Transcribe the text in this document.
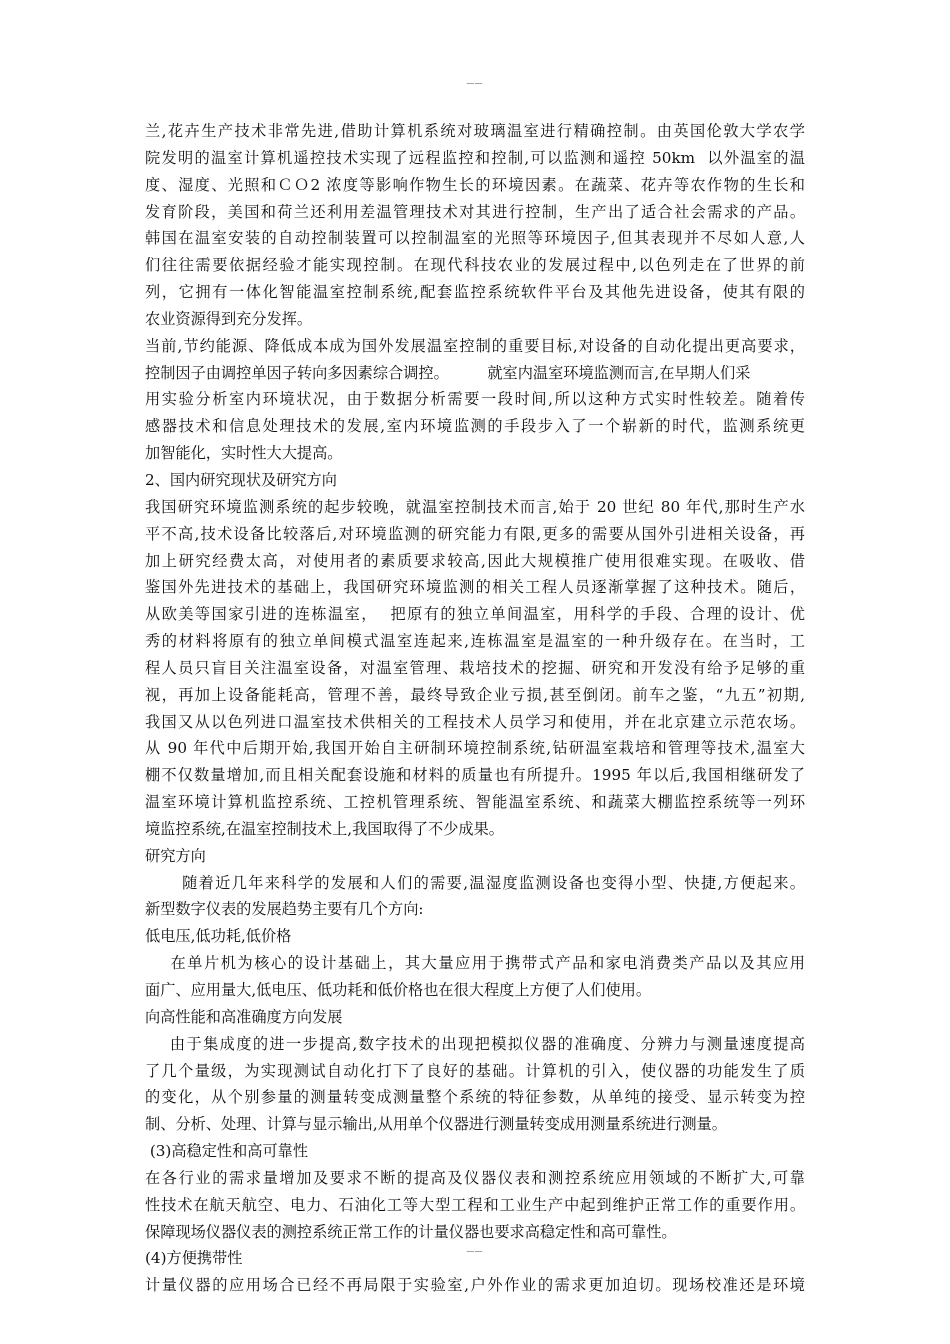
__
兰,花卉生产技术非常先进,借助计算机系统对玻璃温室进行精确控制。由英国伦敦大学农学
院发明的温室计算机遥控技术实现了远程监控和控制,可以监测和遥控 50km  以外温室的温
度、湿度、光照和ＣＯ2 浓度等影响作物生长的环境因素。在蔬菜、花卉等农作物的生长和
发育阶段，美国和荷兰还利用差温管理技术对其进行控制，生产出了适合社会需求的产品。
韩国在温室安装的自动控制装置可以控制温室的光照等环境因子,但其表现并不尽如人意,人
们往往需要依据经验才能实现控制。在现代科技农业的发展过程中,以色列走在了世界的前
列，它拥有一体化智能温室控制系统,配套监控系统软件平台及其他先进设备，使其有限的
农业资源得到充分发挥。
当前,节约能源、降低成本成为国外发展温室控制的重要目标,对设备的自动化提出更高要求，
控制因子由调控单因子转向多因素综合调控。        就室内温室环境监测而言,在早期人们采
用实验分析室内环境状况，由于数据分析需要一段时间,所以这种方式实时性较差。随着传
感器技术和信息处理技术的发展,室内环境监测的手段步入了一个崭新的时代，监测系统更
加智能化，实时性大大提高。
2、国内研究现状及研究方向
我国研究环境监测系统的起步较晚，就温室控制技术而言,始于 20 世纪 80 年代,那时生产水
平不高,技术设备比较落后,对环境监测的研究能力有限,更多的需要从国外引进相关设备，再
加上研究经费太高，对使用者的素质要求较高,因此大规模推广使用很难实现。在吸收、借
鉴国外先进技术的基础上，我国研究环境监测的相关工程人员逐渐掌握了这种技术。随后，
从欧美等国家引进的连栋温室，  把原有的独立单间温室，用科学的手段、合理的设计、优
秀的材料将原有的独立单间模式温室连起来,连栋温室是温室的一种升级存在。在当时，工
程人员只盲目关注温室设备，对温室管理、栽培技术的挖掘、研究和开发没有给予足够的重
视，再加上设备能耗高，管理不善，最终导致企业亏损,甚至倒闭。前车之鉴，“九五”初期,
我国又从以色列进口温室技术供相关的工程技术人员学习和使用，并在北京建立示范农场。
从 90 年代中后期开始,我国开始自主研制环境控制系统,钻研温室栽培和管理等技术,温室大
棚不仅数量增加,而且相关配套设施和材料的质量也有所提升。1995 年以后,我国相继研发了
温室环境计算机监控系统、工控机管理系统、智能温室系统、和蔬菜大棚监控系统等一列环
境监控系统,在温室控制技术上,我国取得了不少成果。
研究方向
随着近几年来科学的发展和人们的需要,温湿度监测设备也变得小型、快捷,方便起来。
新型数字仪表的发展趋势主要有几个方向:
低电压,低功耗,低价格
在单片机为核心的设计基础上，其大量应用于携带式产品和家电消费类产品以及其应用
面广、应用量大,低电压、低功耗和低价格也在很大程度上方便了人们使用。
向高性能和高准确度方向发展
由于集成度的进一步提高,数字技术的出现把模拟仪器的准确度、分辨力与测量速度提高
了几个量级，为实现测试自动化打下了良好的基础。计算机的引入，使仪器的功能发生了质
的变化，从个别参量的测量转变成测量整个系统的特征参数，从单纯的接受、显示转变为控
制、分析、处理、计算与显示输出,从用单个仪器进行测量转变成用测量系统进行测量。
(3)高稳定性和高可靠性
在各行业的需求量增加及要求不断的提高及仪器仪表和测控系统应用领域的不断扩大,可靠
性技术在航天航空、电力、石油化工等大型工程和工业生产中起到维护正常工作的重要作用。
保障现场仪器仪表的测控系统正常工作的计量仪器也要求高稳定性和高可靠性。
(4)方便携带性
计量仪器的应用场合已经不再局限于实验室,户外作业的需求更加迫切。现场校准还是环境
__
